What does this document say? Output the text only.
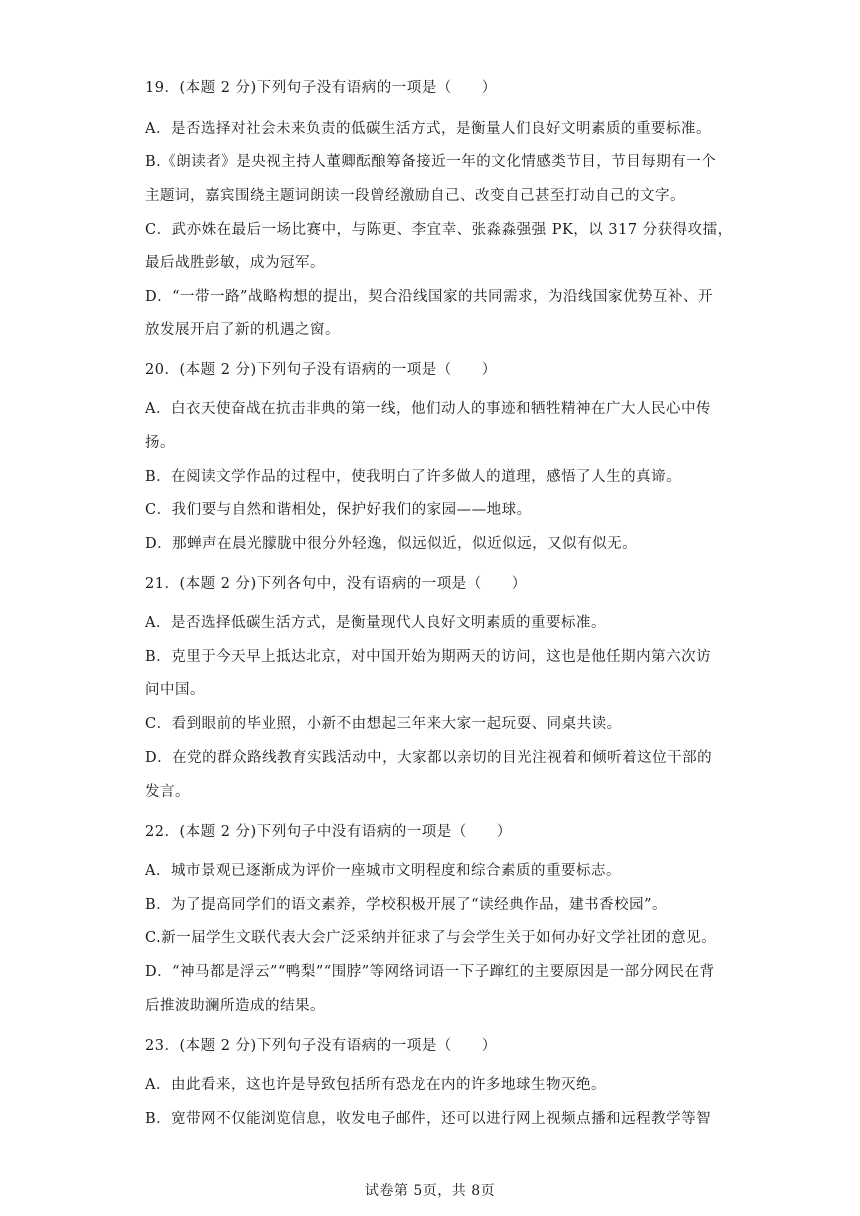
19．(本题 2 分)下列句子没有语病的一项是（　　）
A．是否选择对社会未来负责的低碳生活方式，是衡量人们良好文明素质的重要标准。
B.《朗读者》是央视主持人董卿酝酿筹备接近一年的文化情感类节目，节目每期有一个
主题词，嘉宾围绕主题词朗读一段曾经激励自己、改变自己甚至打动自己的文字。
C．武亦姝在最后一场比赛中，与陈更、李宜幸、张淼淼强强 PK，以 317 分获得攻擂，
最后战胜彭敏，成为冠军。
D．“一带一路”战略构想的提出，契合沿线国家的共同需求，为沿线国家优势互补、开
放发展开启了新的机遇之窗。
20．(本题 2 分)下列句子没有语病的一项是（　　）
A．白衣天使奋战在抗击非典的第一线，他们动人的事迹和牺牲精神在广大人民心中传
扬。
B．在阅读文学作品的过程中，使我明白了许多做人的道理，感悟了人生的真谛。
C．我们要与自然和谐相处，保护好我们的家园——地球。
D．那蝉声在晨光朦胧中很分外轻逸，似远似近，似近似远，又似有似无。
21．(本题 2 分)下列各句中，没有语病的一项是（　　）
A．是否选择低碳生活方式，是衡量现代人良好文明素质的重要标准。
B．克里于今天早上抵达北京，对中国开始为期两天的访问，这也是他任期内第六次访
问中国。
C．看到眼前的毕业照，小新不由想起三年来大家一起玩耍、同桌共读。
D．在党的群众路线教育实践活动中，大家都以亲切的目光注视着和倾听着这位干部的
发言。
22．(本题 2 分)下列句子中没有语病的一项是（　　）
A．城市景观已逐渐成为评价一座城市文明程度和综合素质的重要标志。
B．为了提高同学们的语文素养，学校积极开展了“读经典作品，建书香校园”。
C.新一届学生文联代表大会广泛采纳并征求了与会学生关于如何办好文学社团的意见。
D．“神马都是浮云”“鸭梨”“围脖”等网络词语一下子蹿红的主要原因是一部分网民在背
后推波助澜所造成的结果。
23．(本题 2 分)下列句子没有语病的一项是（　　）
A．由此看来，这也许是导致包括所有恐龙在内的许多地球生物灭绝。
B．宽带网不仅能浏览信息，收发电子邮件，还可以进行网上视频点播和远程教学等智
试卷第 5页，共 8页
